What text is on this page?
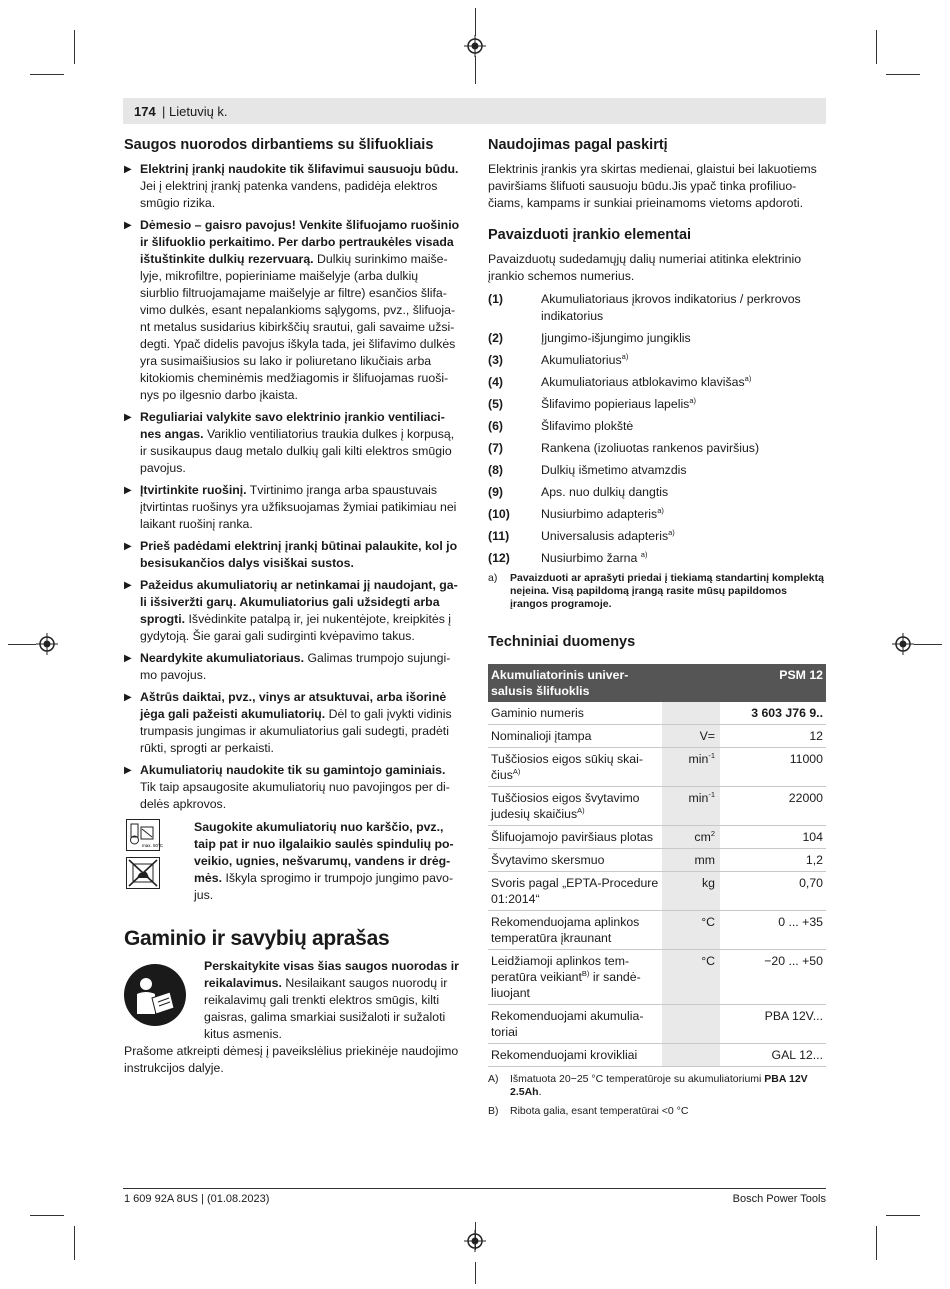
174 | Lietuvių k.
Saugos nuorodos dirbantiems su šlifuokliais
▶ Elektrinį įrankį naudokite tik šlifavimui sausuoju būdu. Jei į elektrinį įrankį patenka vandens, padidėja elektros smūgio rizika.

▶ Dėmesio – gaisro pavojus! Venkite šlifuojamo ruošinio ir šlifuoklio perkaitimo. Per darbo pertraukėles visada ištuštinkite dulkių rezervuarą. Dulkių surinkimo maišelyje, mikrofiltre, popieriniame maišelyje (arba dulkių siurblio filtruojamajame maišelyje ar filtre) esančios šlifavimo dulkės, esant nepalankioms sąlygoms, pvz., šlifuojant metalus susidarius kibirkščių srautui, gali savaime užsidegti. Ypač didelis pavojus iškyla tada, jei šlifavimo dulkės yra susimaišiusios su lako ir poliuretano likučiais arba kitokiomis cheminėmis medžiagomis ir šlifuojamas ruošinys po ilgesnio darbo įkaista.

▶ Reguliariai valykite savo elektrinio įrankio ventiliacines angas. Variklio ventiliatorius traukia dulkes į korpusą, ir susikaupus daug metalo dulkių gali kilti elektros smūgio pavojus.

▶ Įtvirtinkite ruošinį. Tvirtinimo įranga arba spaustuvais įtvirtintas ruošinys yra užfiksuojamas žymiai patikimiau nei laikant ruošinį ranka.

▶ Prieš padėdami elektrinį įrankį būtinai palaukite, kol jo besisukančios dalys visiškai sustos.

▶ Pažeidus akumuliatorių ar netinkamai jį naudojant, gali išsiveržti garų. Akumuliatorius gali užsidegti arba sprogti. Išvėdinkite patalpą ir, jei nukentėjote, kreipkitės į gydytoją. Šie garai gali sudirginti kvėpavimo takus.

▶ Neardykite akumuliatoriaus. Galimas trumpojo sujungimo pavojus.

▶ Aštrūs daiktai, pvz., vinys ar atsuktuvai, arba išorinė jėga gali pažeisti akumuliatorių. Dėl to gali įvykti vidinis trumpasis jungimas ir akumuliatorius gali sudegti, pradėti rūkti, sprogti ar perkaisti.

▶ Akumuliatorių naudokite tik su gamintojo gaminiais. Tik taip apsaugosite akumuliatorių nuo pavojingos per didelės apkrovos.

max. 50°C

Saugokite akumuliatorių nuo karščio, pvz., taip pat ir nuo ilgalaikio saulės spindulių poveikio, ugnies, nešvarumų, vandens ir drėgmės. Iškyla sprogimo ir trumpojo jungimo pavojus.

Gaminio ir savybių aprašas

Perskaitykite visas šias saugos nuorodas ir reikalavimus. Nesilaikant saugos nuorodų ir reikalavimų gali trenkti elektros smūgis, kilti gaisras, galima smarkiai susižaloti ir sužaloti kitus asmenis.

Prašome atkreipti dėmesį į paveikslėlius priekinėje naudojimo instrukcijos dalyje.

Naudojimas pagal paskirtį

Elektrinis įrankis yra skirtas medienai, glaistui bei lakuotiems paviršiams šlifuoti sausuoju būdu.Jis ypač tinka profiliuočiams, kampams ir sunkiai prieinamoms vietoms apdoroti.

Pavaizduoti įrankio elementai

Pavaizduotų sudedamųjų dalių numeriai atitinka elektrinio įrankio schemos numerius.

(1)	Akumuliatoriaus įkrovos indikatorius / perkrovos indikatorius
(2)	Įjungimo-išjungimo jungiklis
(3)	Akumuliatorius$^{a)}$
(4)	Akumuliatoriaus atblokavimo klavišas$^{a)}$
(5)	Šlifavimo popieriaus lapelis$^{a)}$
(6)	Šlifavimo plokštė
(7)	Rankena (izoliuotas rankenos paviršius)
(8)	Dulkių išmetimo atvamzdis
(9)	Aps. nuo dulkių dangtis
(10)	Nusiurbimo adapteris$^{a)}$
(11)	Universalusis adapteris$^{a)}$
(12)	Nusiurbimo žarna $^{a)}$
a)	Pavaizduoti ar aprašyti priedai į tiekiamą standartinį komplektą neįeina. Visą papildomą įrangą rasite mūsų papildomos įrangos programoje.
Techniniai duomenys
Akumuliatorinis universalusis šlifuoklis		PSM 12
Gaminio numeris		3 603 J76 9..
Nominalioji įtampa	V=	12
Tuščiosios eigos sūkių skaičius$^{A)}$	$\min^{-1}$	11000
Tuščiosios eigos švytavimo judesių skaičius$^{A)}$	$\min^{-1}$	22000
Šlifuojamojo paviršiaus plotas	$cm^2$	104
Švytavimo skersmuo	mm	1,2
Svoris pagal „EPTA-Procedure 01:2014“	kg	0,70
Rekomenduojama aplinkos temperatūra įkraunant	°C	0 ... +35
Leidžiamoji aplinkos temperatūra veikiant$^{B)}$ ir sandėliuojant	°C	−20 ... +50
Rekomenduojami akumuliatoriai		PBA 12V...
Rekomenduojami krovikliai		GAL 12...
A)	Išmatuota 20−25 °C temperatūroje su akumuliatoriumi PBA 12V 2.5Ah.
B)	Ribota galia, esant temperatūrai <0 °C
1 609 92A 8US | (01.08.2023)	Bosch Power Tools
